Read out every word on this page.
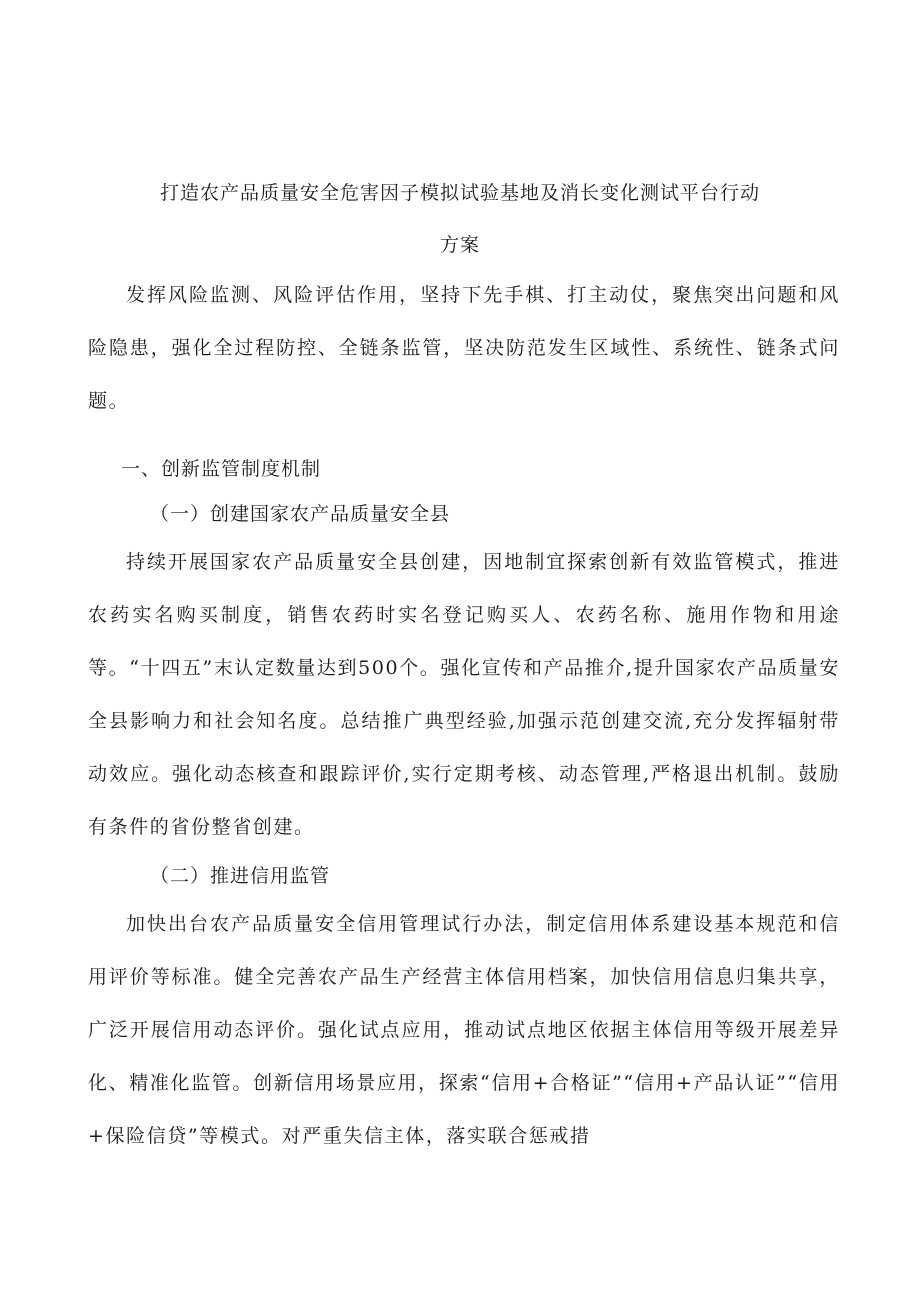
打造农产品质量安全危害因子模拟试验基地及消长变化测试平台行动
方案

发挥风险监测、风险评估作用，坚持下先手棋、打主动仗，聚焦突出问题和风险隐患，强化全过程防控、全链条监管，坚决防范发生区域性、系统性、链条式问题。

一、创新监管制度机制
（一）创建国家农产品质量安全县

持续开展国家农产品质量安全县创建，因地制宜探索创新有效监管模式，推进农药实名购买制度，销售农药时实名登记购买人、农药名称、施用作物和用途等。“十四五”末认定数量达到500个。强化宣传和产品推介,提升国家农产品质量安全县影响力和社会知名度。总结推广典型经验,加强示范创建交流,充分发挥辐射带动效应。强化动态核查和跟踪评价,实行定期考核、动态管理,严格退出机制。鼓励有条件的省份整省创建。

（二）推进信用监管

加快出台农产品质量安全信用管理试行办法，制定信用体系建设基本规范和信用评价等标准。健全完善农产品生产经营主体信用档案，加快信用信息归集共享，广泛开展信用动态评价。强化试点应用，推动试点地区依据主体信用等级开展差异化、精准化监管。创新信用场景应用，探索“信用+合格证”“信用+产品认证”“信用+保险信贷”等模式。对严重失信主体，落实联合惩戒措
